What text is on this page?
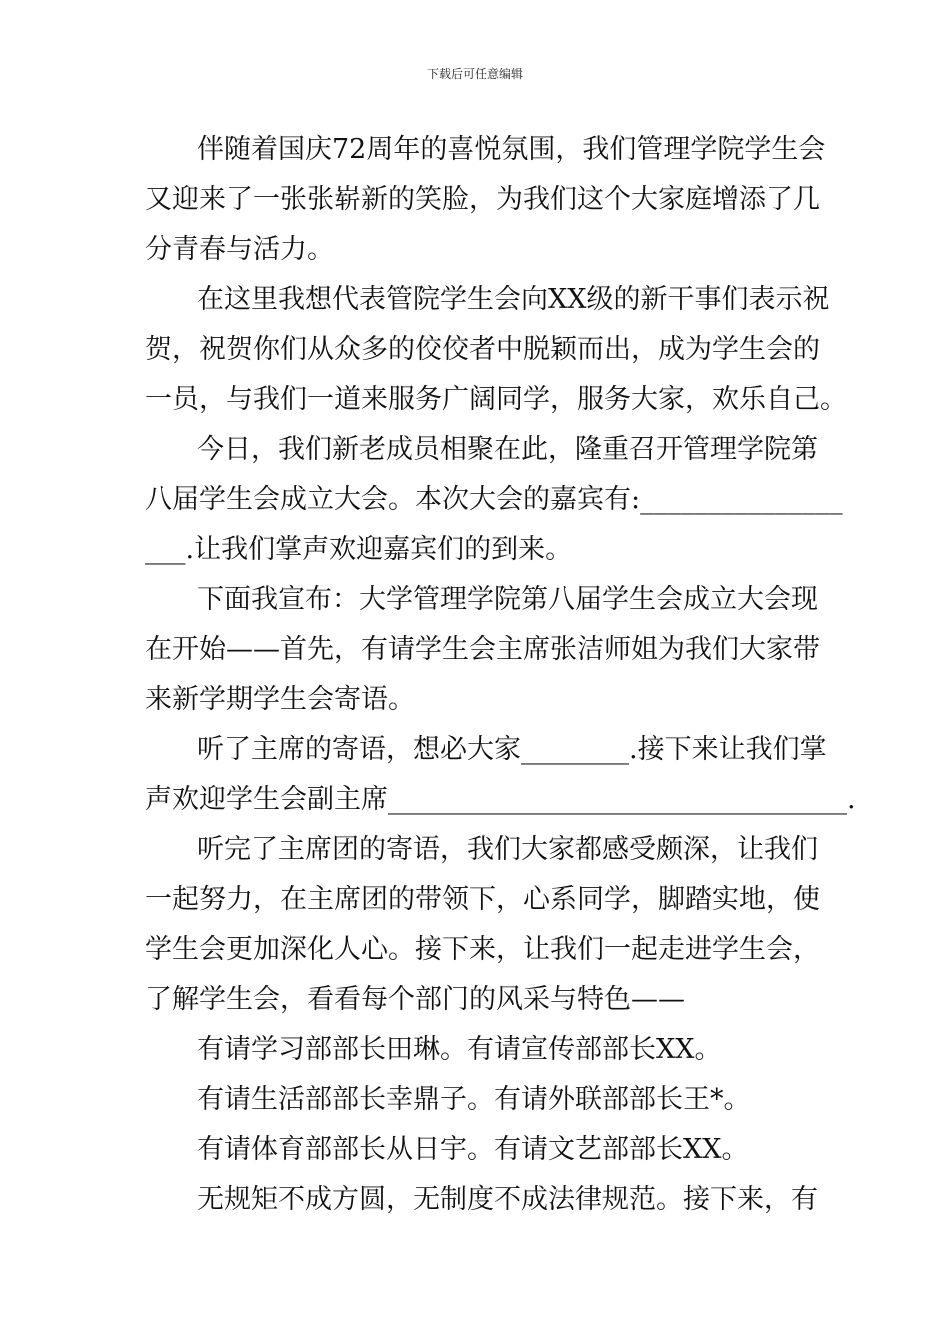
下载后可任意编辑
伴随着国庆72周年的喜悦氛围，我们管理学院学生会
又迎来了一张张崭新的笑脸，为我们这个大家庭增添了几
分青春与活力。
在这里我想代表管院学生会向XX级的新干事们表示祝
贺，祝贺你们从众多的佼佼者中脱颖而出，成为学生会的
一员，与我们一道来服务广阔同学，服务大家，欢乐自己。
今日，我们新老成员相聚在此，隆重召开管理学院第
八届学生会成立大会。本次大会的嘉宾有:_______________
___.让我们掌声欢迎嘉宾们的到来。
下面我宣布：大学管理学院第八届学生会成立大会现
在开始——首先，有请学生会主席张洁师姐为我们大家带
来新学期学生会寄语。
听了主席的寄语，想必大家________.接下来让我们掌
声欢迎学生会副主席__________________________________.
听完了主席团的寄语，我们大家都感受颇深，让我们
一起努力，在主席团的带领下，心系同学，脚踏实地，使
学生会更加深化人心。接下来，让我们一起走进学生会，
了解学生会，看看每个部门的风采与特色——
有请学习部部长田琳。有请宣传部部长XX。
有请生活部部长幸鼎子。有请外联部部长王*。
有请体育部部长从日宇。有请文艺部部长XX。
无规矩不成方圆，无制度不成法律规范。接下来，有
